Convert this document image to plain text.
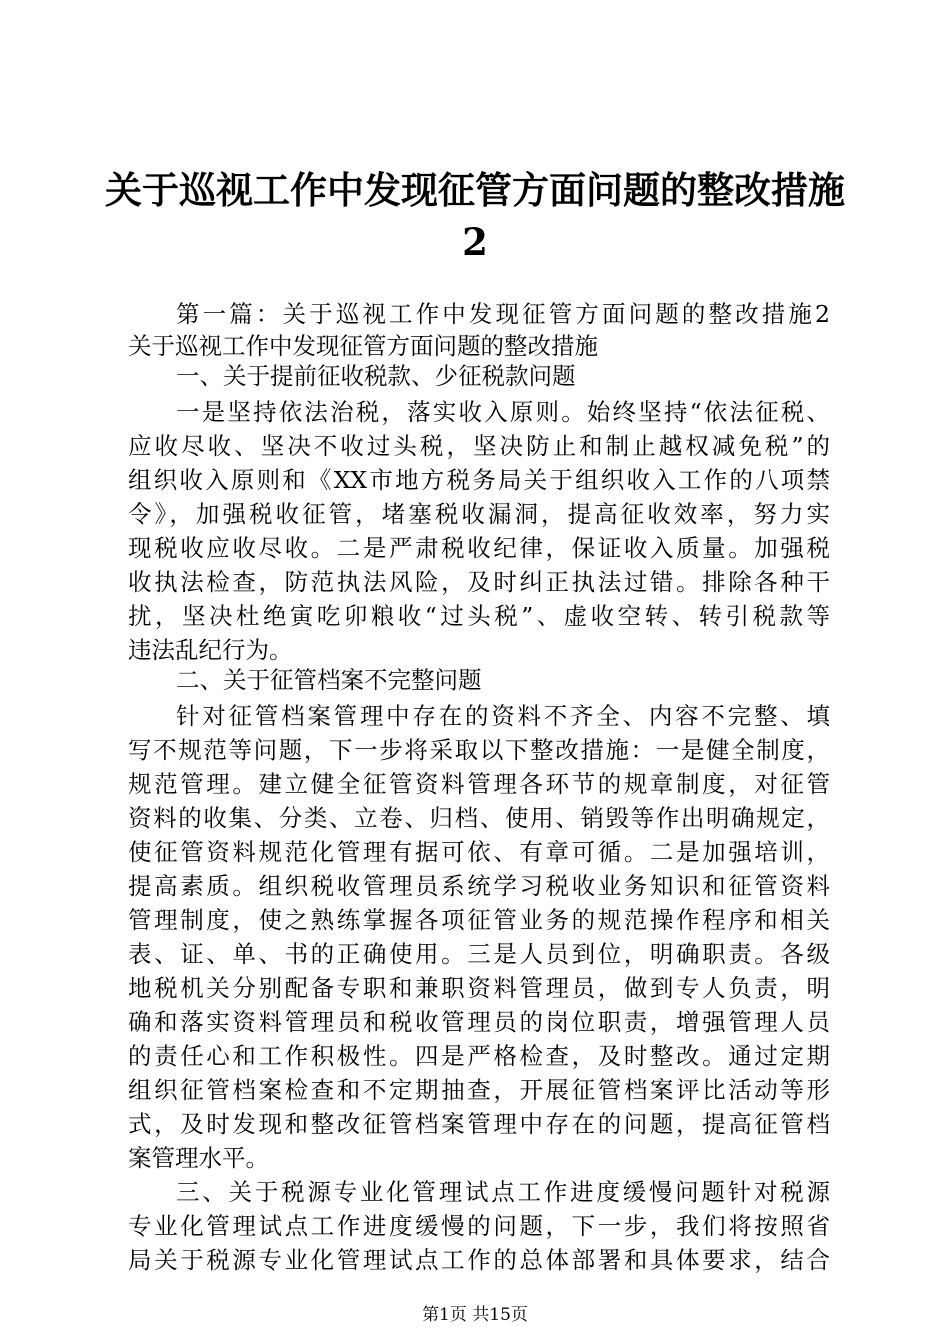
关于巡视工作中发现征管方面问题的整改措施
2
第一篇：关于巡视工作中发现征管方面问题的整改措施2
关于巡视工作中发现征管方面问题的整改措施
一、关于提前征收税款、少征税款问题
一是坚持依法治税，落实收入原则。始终坚持“依法征税、
应收尽收、坚决不收过头税，坚决防止和制止越权减免税”的
组织收入原则和《XX市地方税务局关于组织收入工作的八项禁
令》，加强税收征管，堵塞税收漏洞，提高征收效率，努力实
现税收应收尽收。二是严肃税收纪律，保证收入质量。加强税
收执法检查，防范执法风险，及时纠正执法过错。排除各种干
扰，坚决杜绝寅吃卯粮收“过头税”、虚收空转、转引税款等
违法乱纪行为。
二、关于征管档案不完整问题
针对征管档案管理中存在的资料不齐全、内容不完整、填
写不规范等问题，下一步将采取以下整改措施：一是健全制度，
规范管理。建立健全征管资料管理各环节的规章制度，对征管
资料的收集、分类、立卷、归档、使用、销毁等作出明确规定，
使征管资料规范化管理有据可依、有章可循。二是加强培训，
提高素质。组织税收管理员系统学习税收业务知识和征管资料
管理制度，使之熟练掌握各项征管业务的规范操作程序和相关
表、证、单、书的正确使用。三是人员到位，明确职责。各级
地税机关分别配备专职和兼职资料管理员，做到专人负责，明
确和落实资料管理员和税收管理员的岗位职责，增强管理人员
的责任心和工作积极性。四是严格检查，及时整改。通过定期
组织征管档案检查和不定期抽查，开展征管档案评比活动等形
式，及时发现和整改征管档案管理中存在的问题，提高征管档
案管理水平。
三、关于税源专业化管理试点工作进度缓慢问题针对税源
专业化管理试点工作进度缓慢的问题，下一步，我们将按照省
局关于税源专业化管理试点工作的总体部署和具体要求，结合
第1页 共15页
